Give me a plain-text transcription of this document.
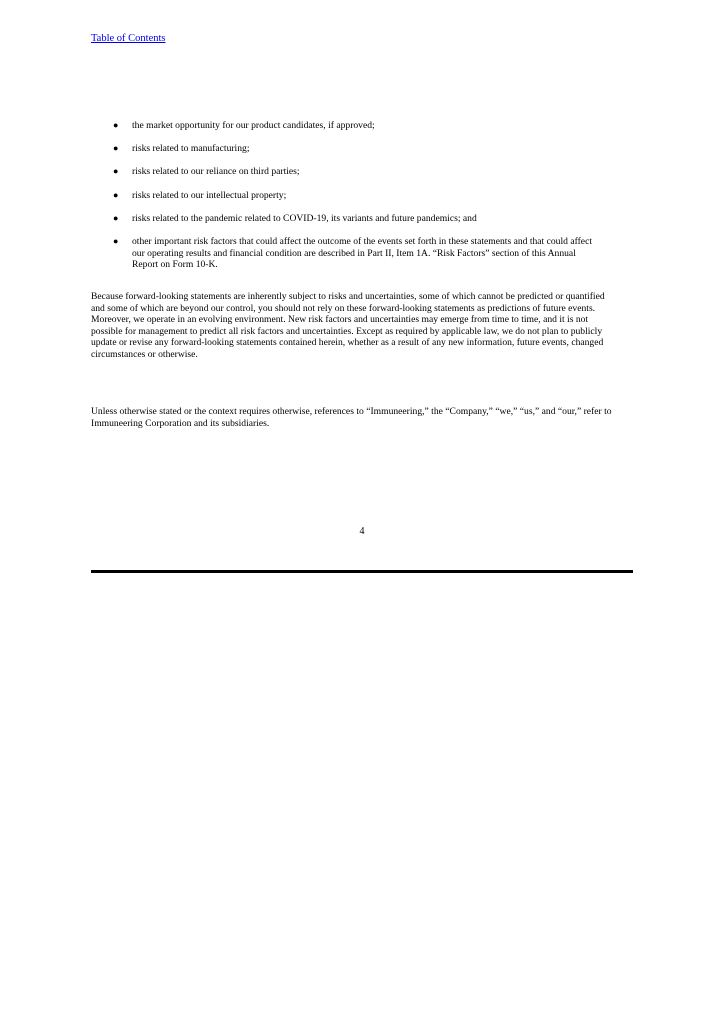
Table of Contents
● the market opportunity for our product candidates, if approved;
● risks related to manufacturing;
● risks related to our reliance on third parties;
● risks related to our intellectual property;
● risks related to the pandemic related to COVID-19, its variants and future pandemics; and
● other important risk factors that could affect the outcome of the events set forth in these statements and that could affect our operating results and financial condition are described in Part II, Item 1A. “Risk Factors” section of this Annual Report on Form 10-K.

Because forward-looking statements are inherently subject to risks and uncertainties, some of which cannot be predicted or quantified and some of which are beyond our control, you should not rely on these forward-looking statements as predictions of future events. Moreover, we operate in an evolving environment. New risk factors and uncertainties may emerge from time to time, and it is not possible for management to predict all risk factors and uncertainties. Except as required by applicable law, we do not plan to publicly update or revise any forward-looking statements contained herein, whether as a result of any new information, future events, changed circumstances or otherwise.

Unless otherwise stated or the context requires otherwise, references to “Immuneering,” the “Company,” “we,” “us,” and “our,” refer to Immuneering Corporation and its subsidiaries.

4
